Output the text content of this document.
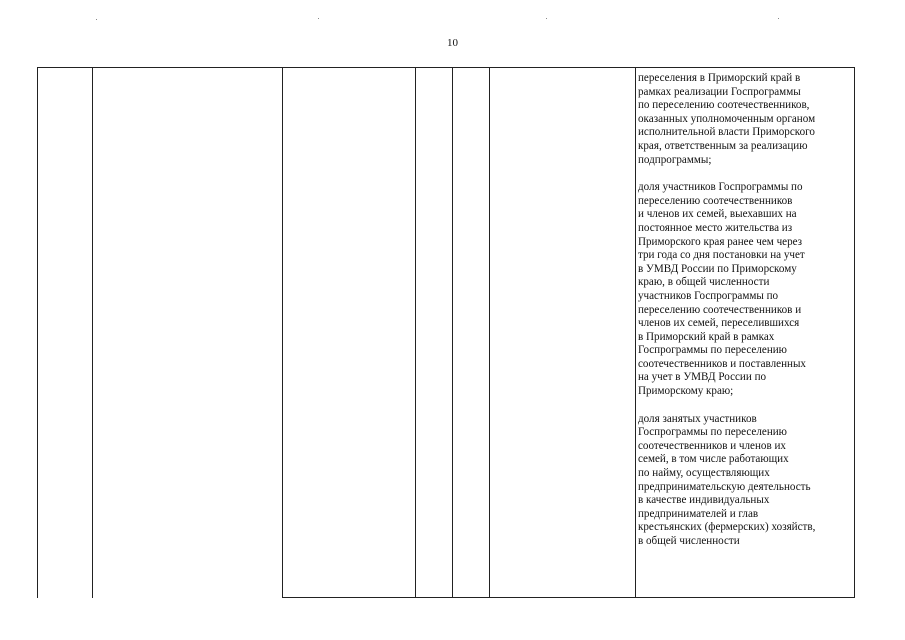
10

переселения в Приморский край в
рамках реализации Госпрограммы
по переселению соотечественников,
оказанных уполномоченным органом
исполнительной власти Приморского
края, ответственным за реализацию
подпрограммы;

доля участников Госпрограммы по
переселению соотечественников
и членов их семей, выехавших на
постоянное место жительства из
Приморского края ранее чем через
три года со дня постановки на учет
в УМВД России по Приморскому
краю, в общей численности
участников Госпрограммы по
переселению соотечественников и
членов их семей, переселившихся
в Приморский край в рамках
Госпрограммы по переселению
соотечественников и поставленных
на учет в УМВД России по
Приморскому краю;

доля занятых участников
Госпрограммы по переселению
соотечественников и членов их
семей, в том числе работающих
по найму, осуществляющих
предпринимательскую деятельность
в качестве индивидуальных
предпринимателей и глав
крестьянских (фермерских) хозяйств,
в общей численности
